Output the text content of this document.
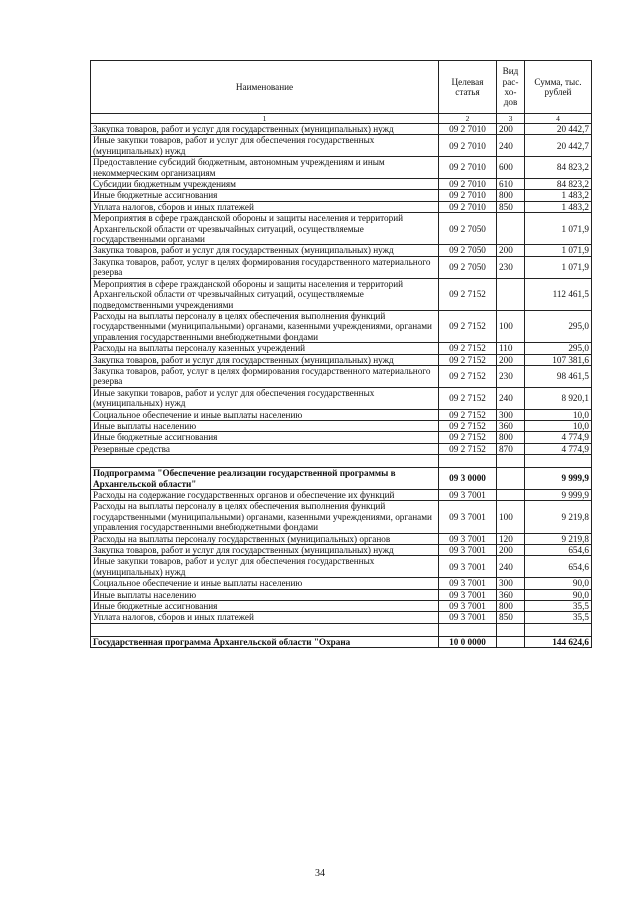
Наименование	Целевая статья	Вид рас-хо-дов	Сумма, тыс. рублей
1	2	3	4
Закупка товаров, работ и услуг для государственных (муниципальных) нужд	09 2 7010	200	20 442,7
Иные закупки товаров, работ и услуг для обеспечения государственных (муниципальных) нужд	09 2 7010	240	20 442,7
Предоставление субсидий бюджетным, автономным учреждениям и иным некоммерческим организациям	09 2 7010	600	84 823,2
Субсидии бюджетным учреждениям	09 2 7010	610	84 823,2
Иные бюджетные ассигнования	09 2 7010	800	1 483,2
Уплата налогов, сборов и иных платежей	09 2 7010	850	1 483,2
Мероприятия в сфере гражданской обороны и защиты населения и территорий Архангельской области от чрезвычайных ситуаций, осуществляемые государственными органами	09 2 7050		1 071,9
Закупка товаров, работ и услуг для государственных (муниципальных) нужд	09 2 7050	200	1 071,9
Закупка товаров, работ, услуг в целях формирования государственного материального резерва	09 2 7050	230	1 071,9
Мероприятия в сфере гражданской обороны и защиты населения и территорий Архангельской области от чрезвычайных ситуаций, осуществляемые подведомственными учреждениями	09 2 7152		112 461,5
Расходы на выплаты персоналу в целях обеспечения выполнения функций государственными (муниципальными) органами, казенными учреждениями, органами управления государственными внебюджетными фондами	09 2 7152	100	295,0
Расходы на выплаты персоналу казенных учреждений	09 2 7152	110	295,0
Закупка товаров, работ и услуг для государственных (муниципальных) нужд	09 2 7152	200	107 381,6
Закупка товаров, работ, услуг в целях формирования государственного материального резерва	09 2 7152	230	98 461,5
Иные закупки товаров, работ и услуг для обеспечения государственных (муниципальных) нужд	09 2 7152	240	8 920,1
Социальное обеспечение и иные выплаты населению	09 2 7152	300	10,0
Иные выплаты населению	09 2 7152	360	10,0
Иные бюджетные ассигнования	09 2 7152	800	4 774,9
Резервные средства	09 2 7152	870	4 774,9

Подпрограмма "Обеспечение реализации государственной программы в Архангельской области"	09 3 0000		9 999,9
Расходы на содержание государственных органов и обеспечение их функций	09 3 7001		9 999,9
Расходы на выплаты персоналу в целях обеспечения выполнения функций государственными (муниципальными) органами, казенными учреждениями, органами управления государственными внебюджетными фондами	09 3 7001	100	9 219,8
Расходы на выплаты персоналу государственных (муниципальных) органов	09 3 7001	120	9 219,8
Закупка товаров, работ и услуг для государственных (муниципальных) нужд	09 3 7001	200	654,6
Иные закупки товаров, работ и услуг для обеспечения государственных (муниципальных) нужд	09 3 7001	240	654,6
Социальное обеспечение и иные выплаты населению	09 3 7001	300	90,0
Иные выплаты населению	09 3 7001	360	90,0
Иные бюджетные ассигнования	09 3 7001	800	35,5
Уплата налогов, сборов и иных платежей	09 3 7001	850	35,5

Государственная программа Архангельской области "Охрана	10 0 0000		144 624,6
34
